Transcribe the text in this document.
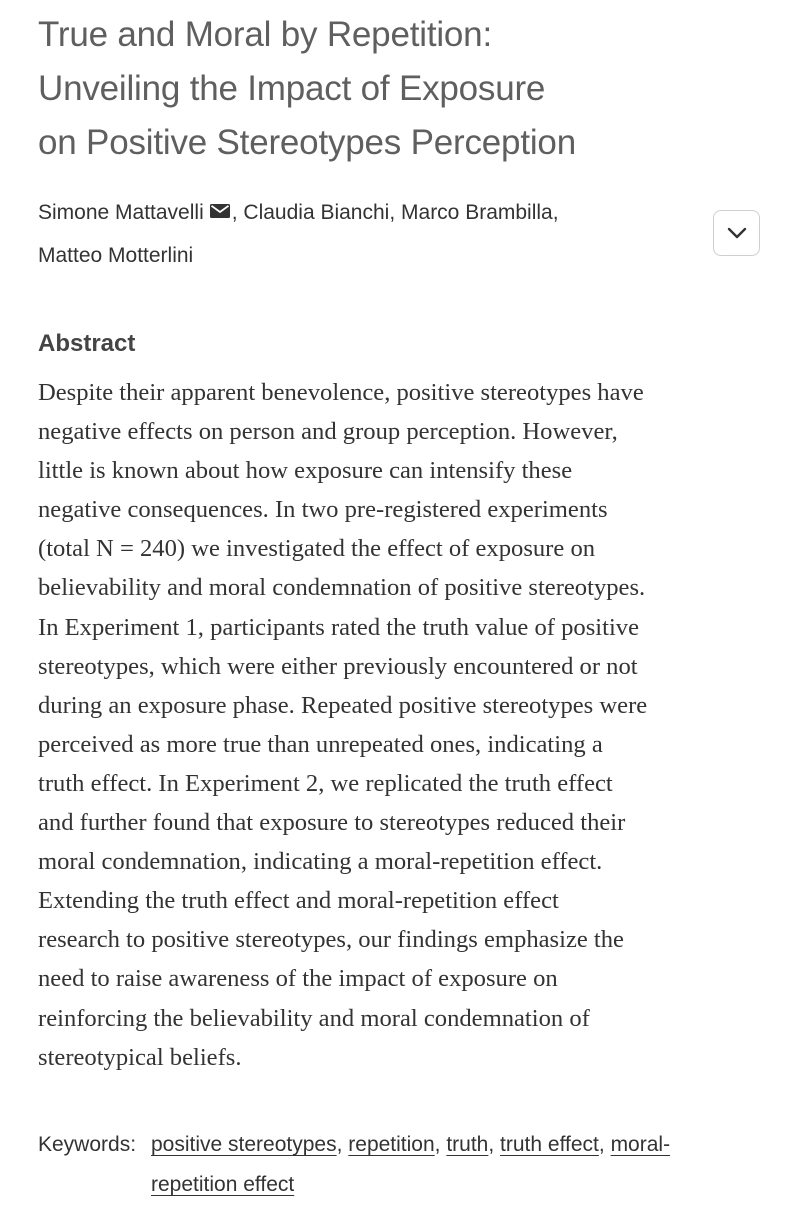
True and Moral by Repetition:
Unveiling the Impact of Exposure
on Positive Stereotypes Perception
Simone Mattavelli , Claudia Bianchi, Marco Brambilla,
Matteo Motterlini
Abstract

Despite their apparent benevolence, positive stereotypes have
negative effects on person and group perception. However,
little is known about how exposure can intensify these
negative consequences. In two pre-registered experiments
(total N = 240) we investigated the effect of exposure on
believability and moral condemnation of positive stereotypes.
In Experiment 1, participants rated the truth value of positive
stereotypes, which were either previously encountered or not
during an exposure phase. Repeated positive stereotypes were
perceived as more true than unrepeated ones, indicating a
truth effect. In Experiment 2, we replicated the truth effect
and further found that exposure to stereotypes reduced their
moral condemnation, indicating a moral-repetition effect.
Extending the truth effect and moral-repetition effect
research to positive stereotypes, our findings emphasize the
need to raise awareness of the impact of exposure on
reinforcing the believability and moral condemnation of
stereotypical beliefs.

Keywords: positive stereotypes, repetition, truth, truth effect, moral-
repetition effect
